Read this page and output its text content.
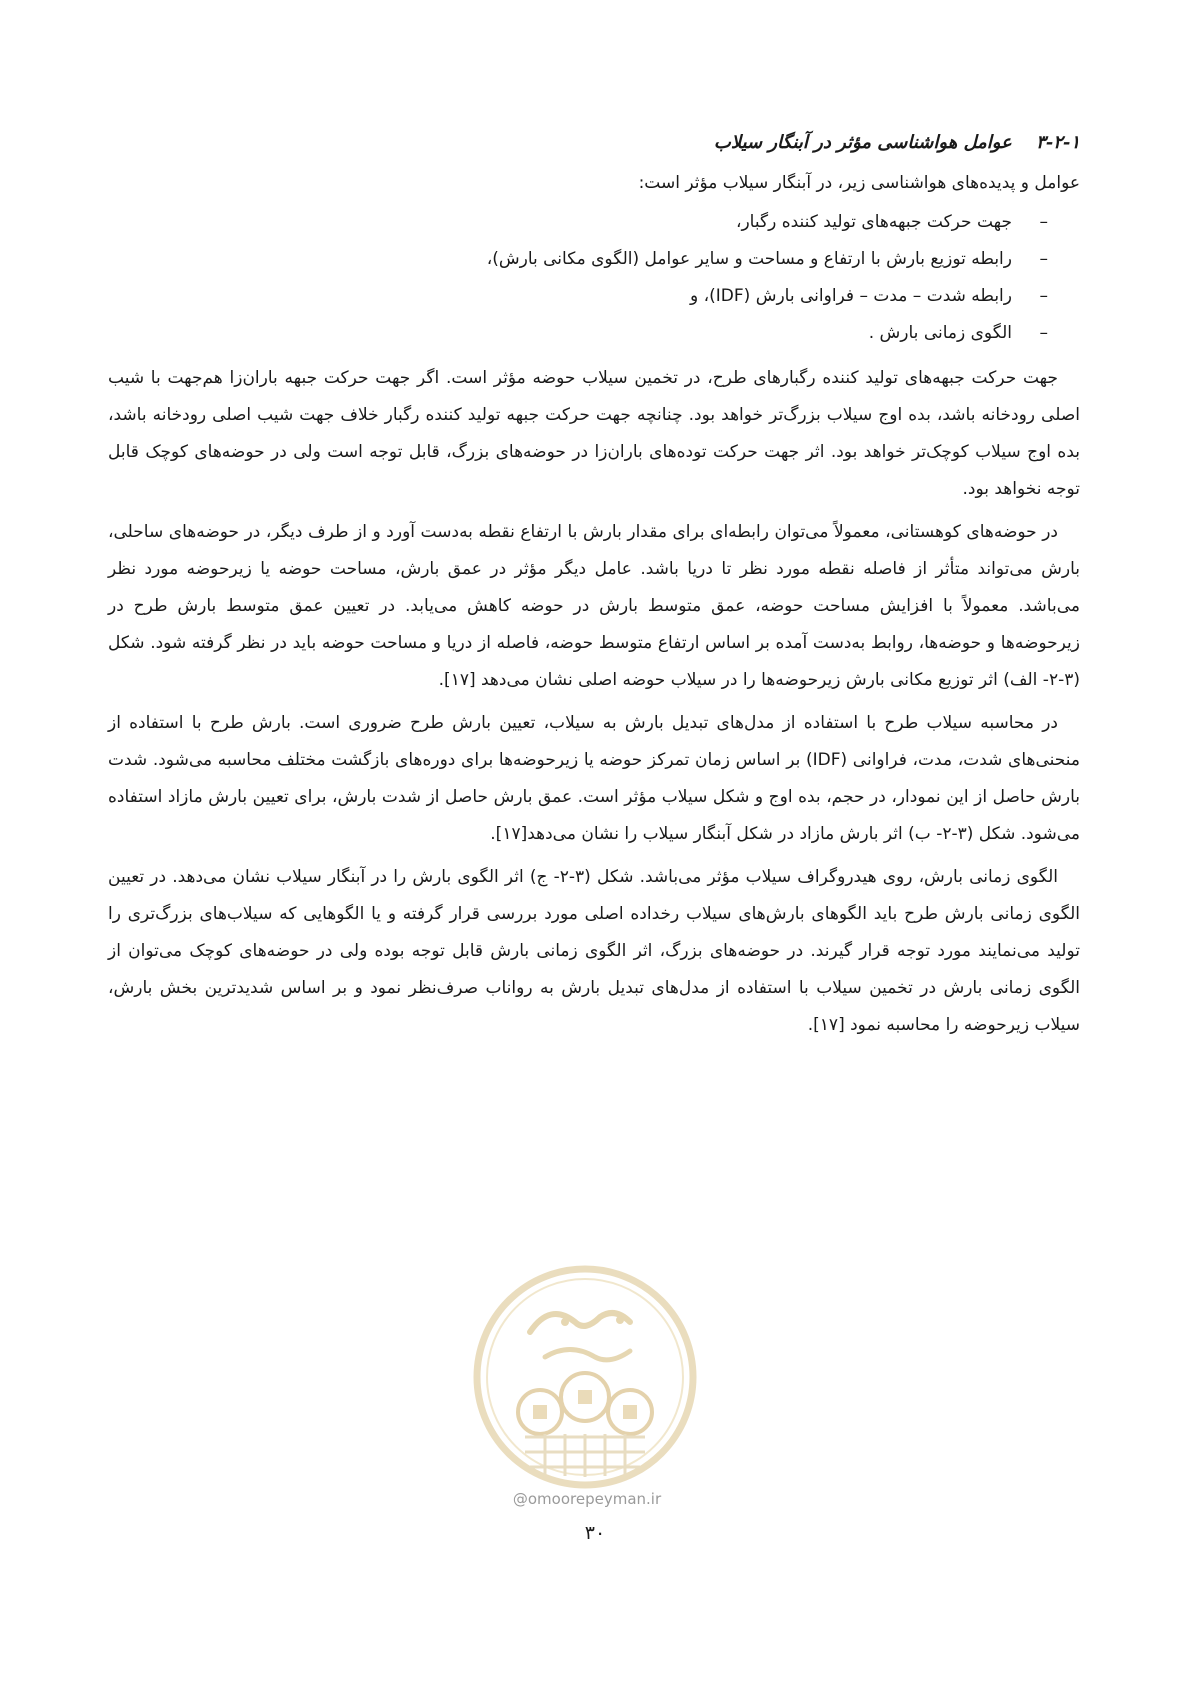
۳-۲-۱ عوامل هواشناسی مؤثر در آبنگار سیلاب

عوامل و پدیده‌های هواشناسی زیر، در آبنگار سیلاب مؤثر است:

–
جهت حرکت جبهه‌های تولید کننده رگبار،
–
رابطه توزیع بارش با ارتفاع و مساحت و سایر عوامل (الگوی مکانی بارش)،
–
رابطه شدت – مدت – فراوانی بارش (IDF)، و
–
الگوی زمانی بارش .

جهت حرکت جبهه‌های تولید کننده رگبارهای طرح، در تخمین سیلاب حوضه مؤثر است. اگر جهت حرکت جبهه باران‌زا هم‌جهت با شیب اصلی رودخانه باشد، بده اوج سیلاب بزرگ‌تر خواهد بود. چنانچه جهت حرکت جبهه تولید کننده رگبار خلاف جهت شیب اصلی رودخانه باشد، بده اوج سیلاب کوچک‌تر خواهد بود. اثر جهت حرکت توده‌های باران‌زا در حوضه‌های بزرگ، قابل توجه است ولی در حوضه‌های کوچک قابل توجه نخواهد بود.

در حوضه‌های کوهستانی، معمولاً می‌توان رابطه‌ای برای مقدار بارش با ارتفاع نقطه به‌دست آورد و از طرف دیگر، در حوضه‌های ساحلی، بارش می‌تواند متأثر از فاصله نقطه مورد نظر تا دریا باشد. عامل دیگر مؤثر در عمق بارش، مساحت حوضه یا زیرحوضه مورد نظر می‌باشد. معمولاً با افزایش مساحت حوضه، عمق متوسط بارش در حوضه کاهش می‌یابد. در تعیین عمق متوسط بارش طرح در زیرحوضه‌ها و حوضه‌ها، روابط به‌دست آمده بر اساس ارتفاع متوسط حوضه، فاصله از دریا و مساحت حوضه باید در نظر گرفته شود. شکل (۳-۲- الف) اثر توزیع مکانی بارش زیرحوضه‌ها را در سیلاب حوضه اصلی نشان می‌دهد [۱۷].

در محاسبه سیلاب طرح با استفاده از مدل‌های تبدیل بارش به سیلاب، تعیین بارش طرح ضروری است. بارش طرح با استفاده از منحنی‌های شدت، مدت، فراوانی (IDF) بر اساس زمان تمرکز حوضه یا زیرحوضه‌ها برای دوره‌های بازگشت مختلف محاسبه می‌شود. شدت بارش حاصل از این نمودار، در حجم، بده اوج و شکل سیلاب مؤثر است. عمق بارش حاصل از شدت بارش، برای تعیین بارش مازاد استفاده می‌شود. شکل (۳-۲- ب) اثر بارش مازاد در شکل آبنگار سیلاب را نشان می‌دهد[۱۷].

الگوی زمانی بارش، روی هیدروگراف سیلاب مؤثر می‌باشد. شکل (۳-۲- ج) اثر الگوی بارش را در آبنگار سیلاب نشان می‌دهد. در تعیین الگوی زمانی بارش طرح باید الگوهای بارش‌های سیلاب رخداده اصلی مورد بررسی قرار گرفته و یا الگوهایی که سیلاب‌های بزرگ‌تری را تولید می‌نمایند مورد توجه قرار گیرند. در حوضه‌های بزرگ، اثر الگوی زمانی بارش قابل توجه بوده ولی در حوضه‌های کوچک می‌توان از الگوی زمانی بارش در تخمین سیلاب با استفاده از مدل‌های تبدیل بارش به رواناب صرف‌نظر نمود و بر اساس شدیدترین بخش بارش، سیلاب زیرحوضه را محاسبه نمود [۱۷].

@omoorepeyman.ir
۳۰
